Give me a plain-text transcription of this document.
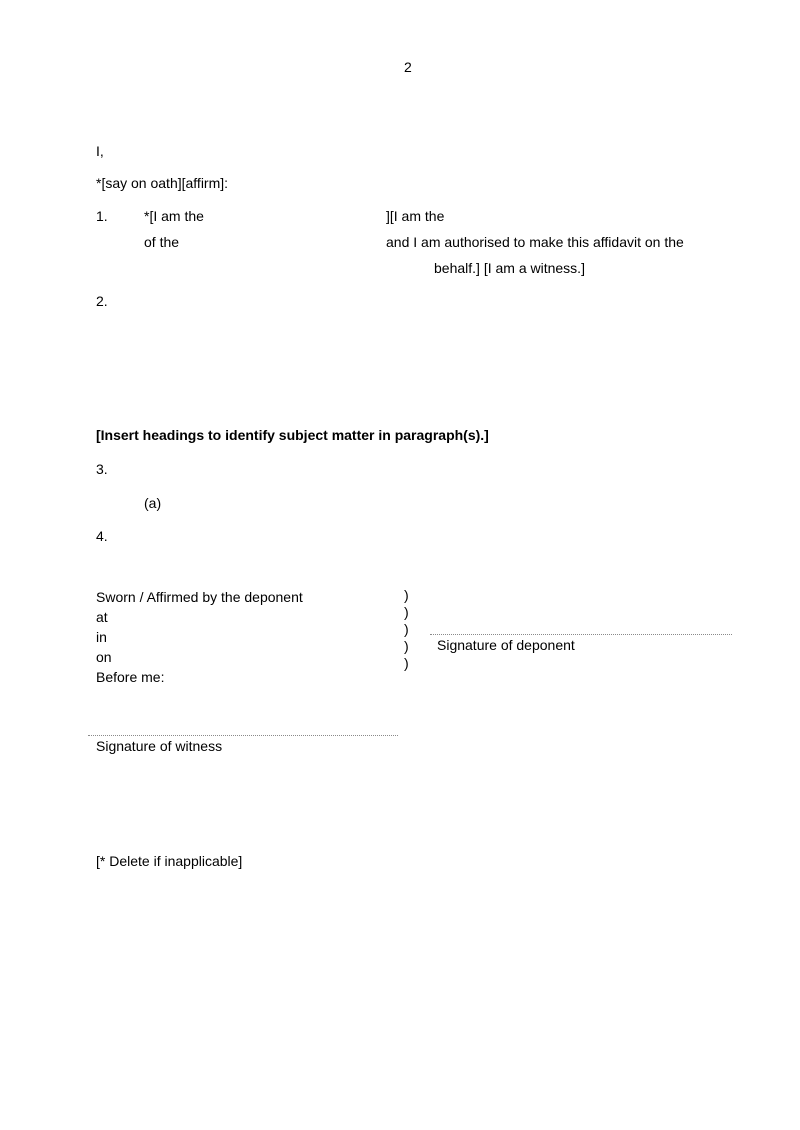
2
I,
*[say on oath][affirm]:
1.	*[I am the	][I am the
of the	and I am authorised to make this affidavit on the
behalf.] [I am a witness.]
2.
[Insert headings to identify subject matter in paragraph(s).]
3.
(a)
4.
Sworn / Affirmed by the deponent
at
in
on
Before me:
)
)
)
)
)
Signature of deponent
Signature of witness
[* Delete if inapplicable]
